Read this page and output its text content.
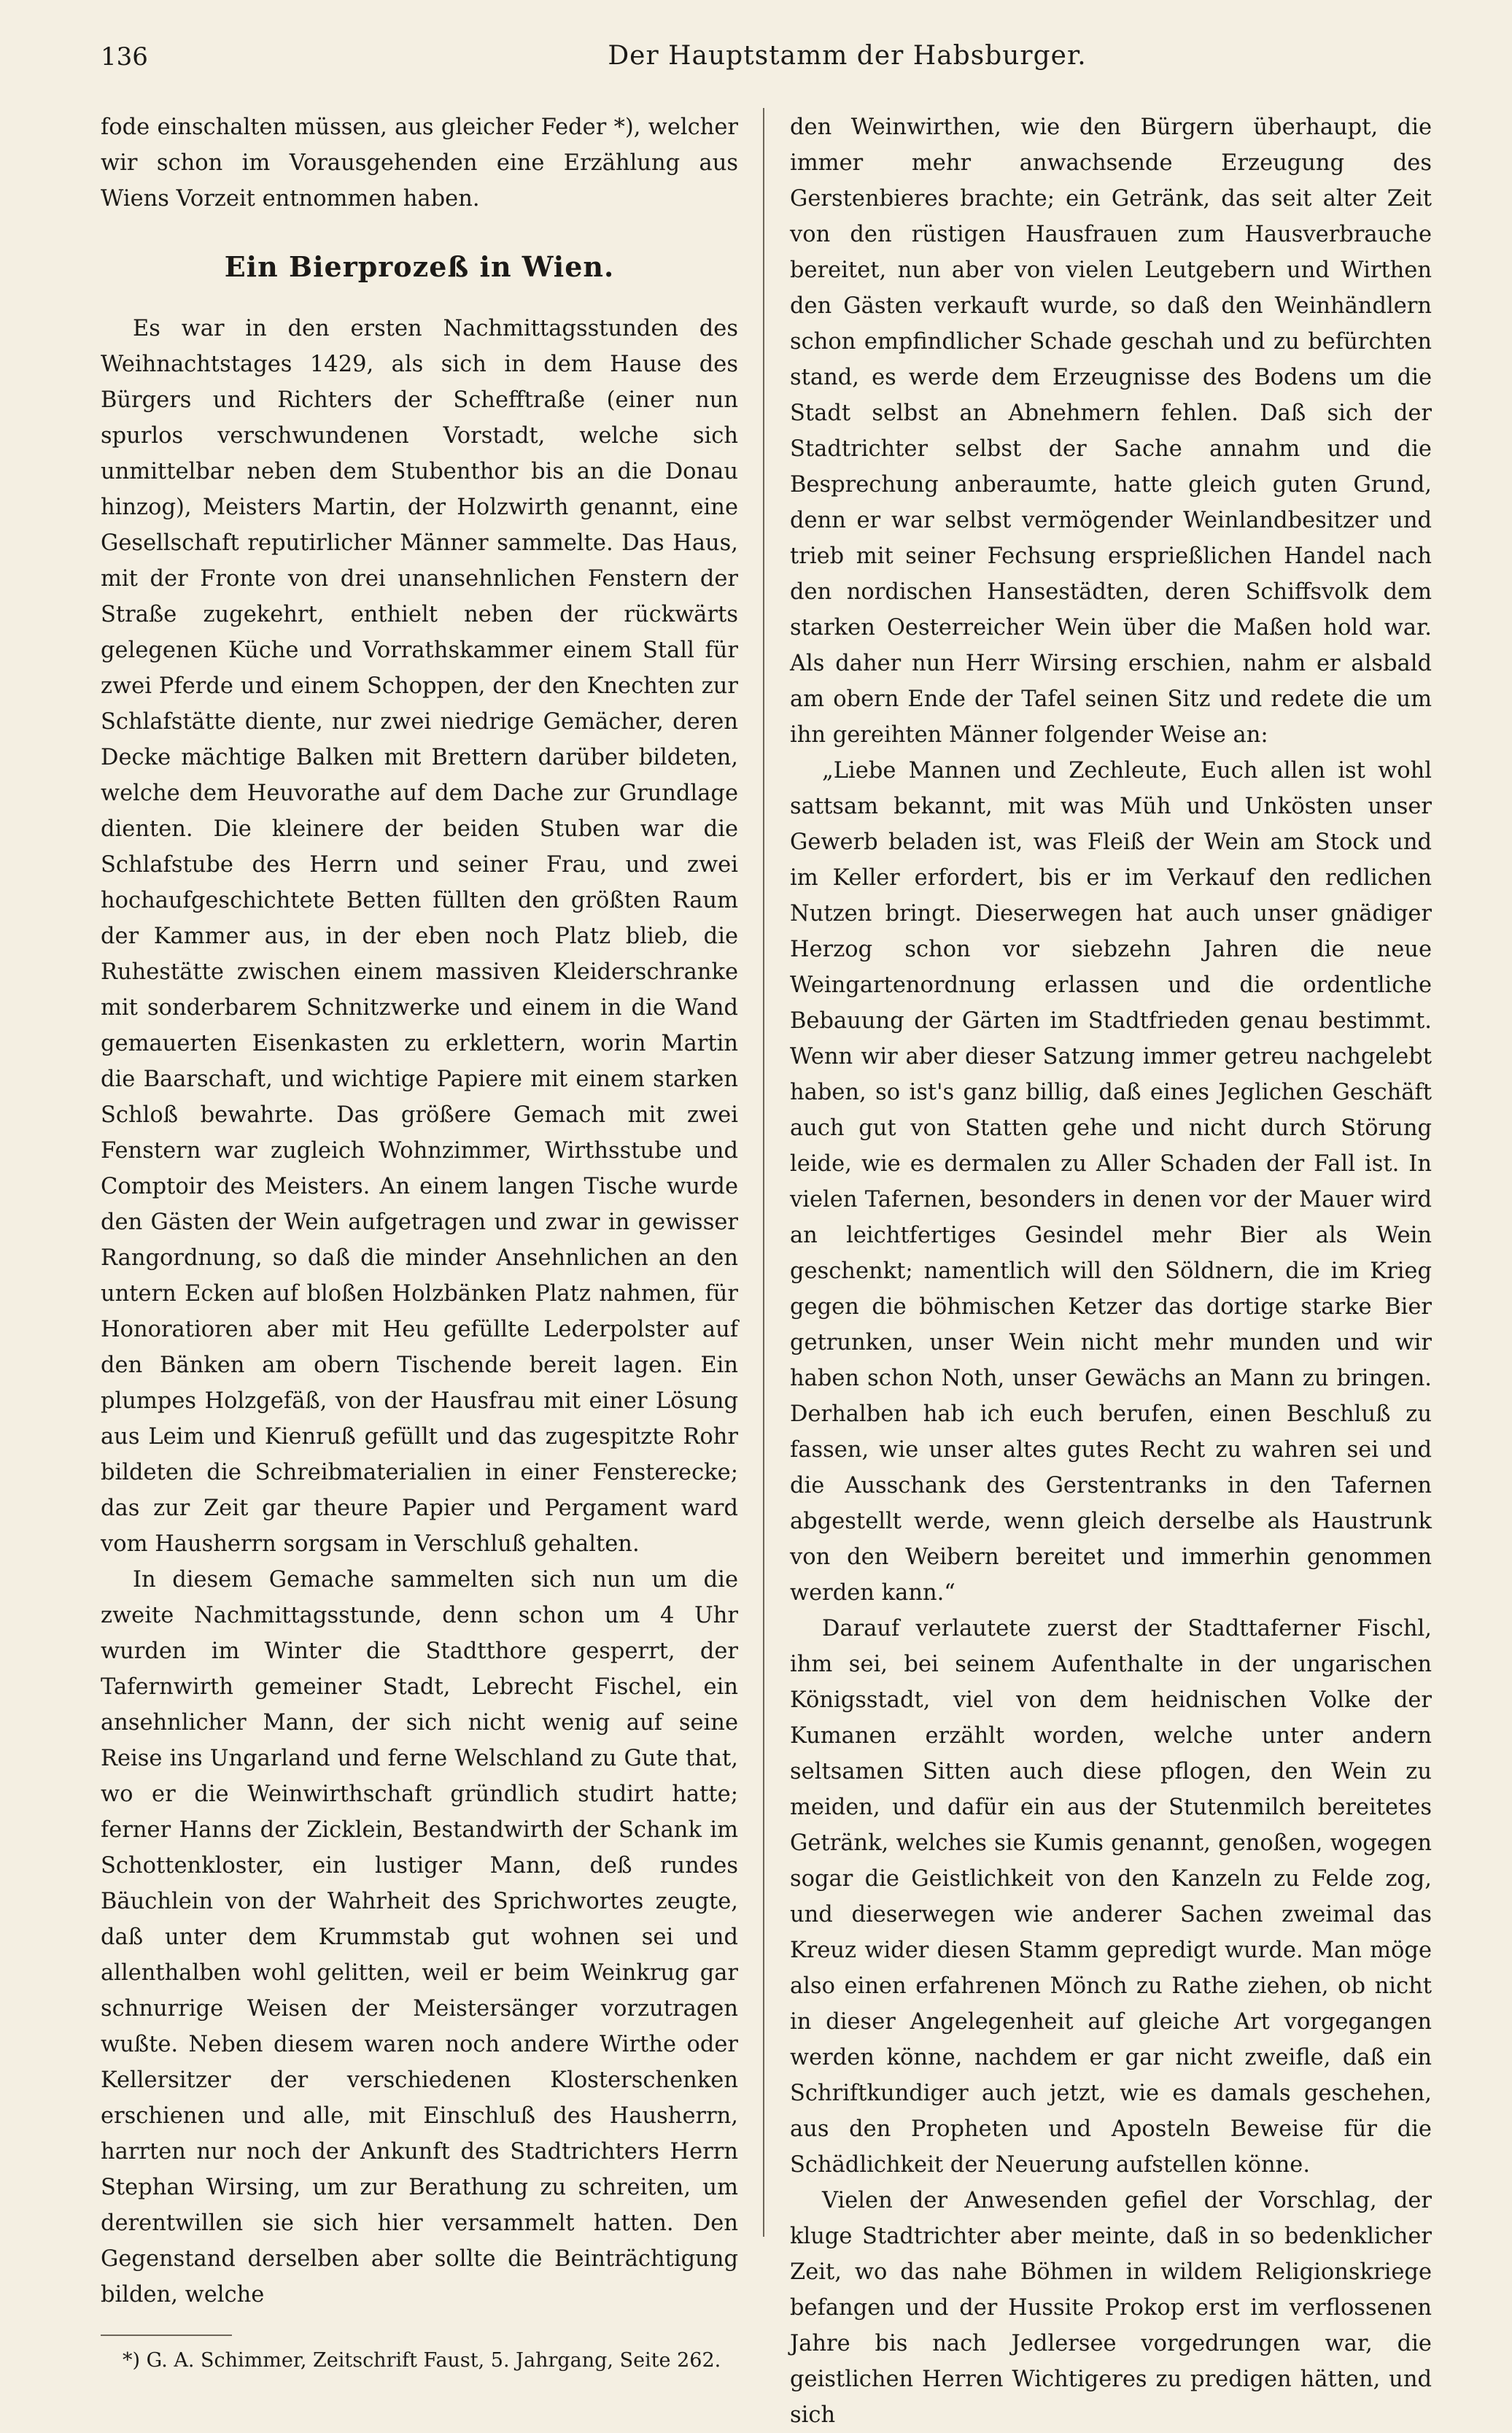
136	Der Hauptstamm der Habsburger.

fode einschalten müssen, aus gleicher Feder *), welcher wir schon im Vorausgehenden eine Erzählung aus Wiens Vorzeit entnommen haben.

Ein Bierprozeß in Wien.

Es war in den ersten Nachmittagsstunden des Weihnachtstages 1429, als sich in dem Hause des Bürgers und Richters der Schefftraße (einer nun spurlos verschwundenen Vorstadt, welche sich unmittelbar neben dem Stubenthor bis an die Donau hinzog), Meisters Martin, der Holzwirth genannt, eine Gesellschaft reputirlicher Männer sammelte. Das Haus, mit der Fronte von drei unansehnlichen Fenstern der Straße zugekehrt, enthielt neben der rückwärts gelegenen Küche und Vorrathskammer einem Stall für zwei Pferde und einem Schoppen, der den Knechten zur Schlafstätte diente, nur zwei niedrige Gemächer, deren Decke mächtige Balken mit Brettern darüber bildeten, welche dem Heuvorathe auf dem Dache zur Grundlage dienten. Die kleinere der beiden Stuben war die Schlafstube des Herrn und seiner Frau, und zwei hochaufgeschichtete Betten füllten den größten Raum der Kammer aus, in der eben noch Platz blieb, die Ruhestätte zwischen einem massiven Kleiderschranke mit sonderbarem Schnitzwerke und einem in die Wand gemauerten Eisenkasten zu erklettern, worin Martin die Baarschaft, und wichtige Papiere mit einem starken Schloß bewahrte. Das größere Gemach mit zwei Fenstern war zugleich Wohnzimmer, Wirthsstube und Comptoir des Meisters. An einem langen Tische wurde den Gästen der Wein aufgetragen und zwar in gewisser Rangordnung, so daß die minder Ansehnlichen an den untern Ecken auf bloßen Holzbänken Platz nahmen, für Honoratioren aber mit Heu gefüllte Lederpolster auf den Bänken am obern Tischende bereit lagen. Ein plumpes Holzgefäß, von der Hausfrau mit einer Lösung aus Leim und Kienruß gefüllt und das zugespitzte Rohr bildeten die Schreibmaterialien in einer Fensterecke; das zur Zeit gar theure Papier und Pergament ward vom Hausherrn sorgsam in Verschluß gehalten.

In diesem Gemache sammelten sich nun um die zweite Nachmittagsstunde, denn schon um 4 Uhr wurden im Winter die Stadtthore gesperrt, der Tafernwirth gemeiner Stadt, Lebrecht Fischel, ein ansehnlicher Mann, der sich nicht wenig auf seine Reise ins Ungarland und ferne Welschland zu Gute that, wo er die Weinwirthschaft gründlich studirt hatte; ferner Hanns der Zicklein, Bestandwirth der Schank im Schottenkloster, ein lustiger Mann, deß rundes Bäuchlein von der Wahrheit des Sprichwortes zeugte, daß unter dem Krummstab gut wohnen sei und allenthalben wohl gelitten, weil er beim Weinkrug gar schnurrige Weisen der Meistersänger vorzutragen wußte. Neben diesem waren noch andere Wirthe oder Kellersitzer der verschiedenen Klosterschenken erschienen und alle, mit Einschluß des Hausherrn, harrten nur noch der Ankunft des Stadtrichters Herrn Stephan Wirsing, um zur Berathung zu schreiten, um derentwillen sie sich hier versammelt hatten. Den Gegenstand derselben aber sollte die Beinträchtigung bilden, welche

*) G. A. Schimmer, Zeitschrift Faust, 5. Jahrgang, Seite 262.

den Weinwirthen, wie den Bürgern überhaupt, die immer mehr anwachsende Erzeugung des Gerstenbieres brachte; ein Getränk, das seit alter Zeit von den rüstigen Hausfrauen zum Hausverbrauche bereitet, nun aber von vielen Leutgebern und Wirthen den Gästen verkauft wurde, so daß den Weinhändlern schon empfindlicher Schade geschah und zu befürchten stand, es werde dem Erzeugnisse des Bodens um die Stadt selbst an Abnehmern fehlen. Daß sich der Stadtrichter selbst der Sache annahm und die Besprechung anberaumte, hatte gleich guten Grund, denn er war selbst vermögender Weinlandbesitzer und trieb mit seiner Fechsung ersprießlichen Handel nach den nordischen Hansestädten, deren Schiffsvolk dem starken Oesterreicher Wein über die Maßen hold war. Als daher nun Herr Wirsing erschien, nahm er alsbald am obern Ende der Tafel seinen Sitz und redete die um ihn gereihten Männer folgender Weise an:

„Liebe Mannen und Zechleute, Euch allen ist wohl sattsam bekannt, mit was Müh und Unkösten unser Gewerb beladen ist, was Fleiß der Wein am Stock und im Keller erfordert, bis er im Verkauf den redlichen Nutzen bringt. Dieserwegen hat auch unser gnädiger Herzog schon vor siebzehn Jahren die neue Weingartenordnung erlassen und die ordentliche Bebauung der Gärten im Stadtfrieden genau bestimmt. Wenn wir aber dieser Satzung immer getreu nachgelebt haben, so ist's ganz billig, daß eines Jeglichen Geschäft auch gut von Statten gehe und nicht durch Störung leide, wie es dermalen zu Aller Schaden der Fall ist. In vielen Tafernen, besonders in denen vor der Mauer wird an leichtfertiges Gesindel mehr Bier als Wein geschenkt; namentlich will den Söldnern, die im Krieg gegen die böhmischen Ketzer das dortige starke Bier getrunken, unser Wein nicht mehr munden und wir haben schon Noth, unser Gewächs an Mann zu bringen. Derhalben hab ich euch berufen, einen Beschluß zu fassen, wie unser altes gutes Recht zu wahren sei und die Ausschank des Gerstentranks in den Tafernen abgestellt werde, wenn gleich derselbe als Haustrunk von den Weibern bereitet und immerhin genommen werden kann.“

Darauf verlautete zuerst der Stadttaferner Fischl, ihm sei, bei seinem Aufenthalte in der ungarischen Königsstadt, viel von dem heidnischen Volke der Kumanen erzählt worden, welche unter andern seltsamen Sitten auch diese pflogen, den Wein zu meiden, und dafür ein aus der Stutenmilch bereitetes Getränk, welches sie Kumis genannt, genoßen, wogegen sogar die Geistlichkeit von den Kanzeln zu Felde zog, und dieserwegen wie anderer Sachen zweimal das Kreuz wider diesen Stamm gepredigt wurde. Man möge also einen erfahrenen Mönch zu Rathe ziehen, ob nicht in dieser Angelegenheit auf gleiche Art vorgegangen werden könne, nachdem er gar nicht zweifle, daß ein Schriftkundiger auch jetzt, wie es damals geschehen, aus den Propheten und Aposteln Beweise für die Schädlichkeit der Neuerung aufstellen könne.

Vielen der Anwesenden gefiel der Vorschlag, der kluge Stadtrichter aber meinte, daß in so bedenklicher Zeit, wo das nahe Böhmen in wildem Religionskriege befangen und der Hussite Prokop erst im verflossenen Jahre bis nach Jedlersee vorgedrungen war, die geistlichen Herren Wichtigeres zu predigen hätten, und sich
